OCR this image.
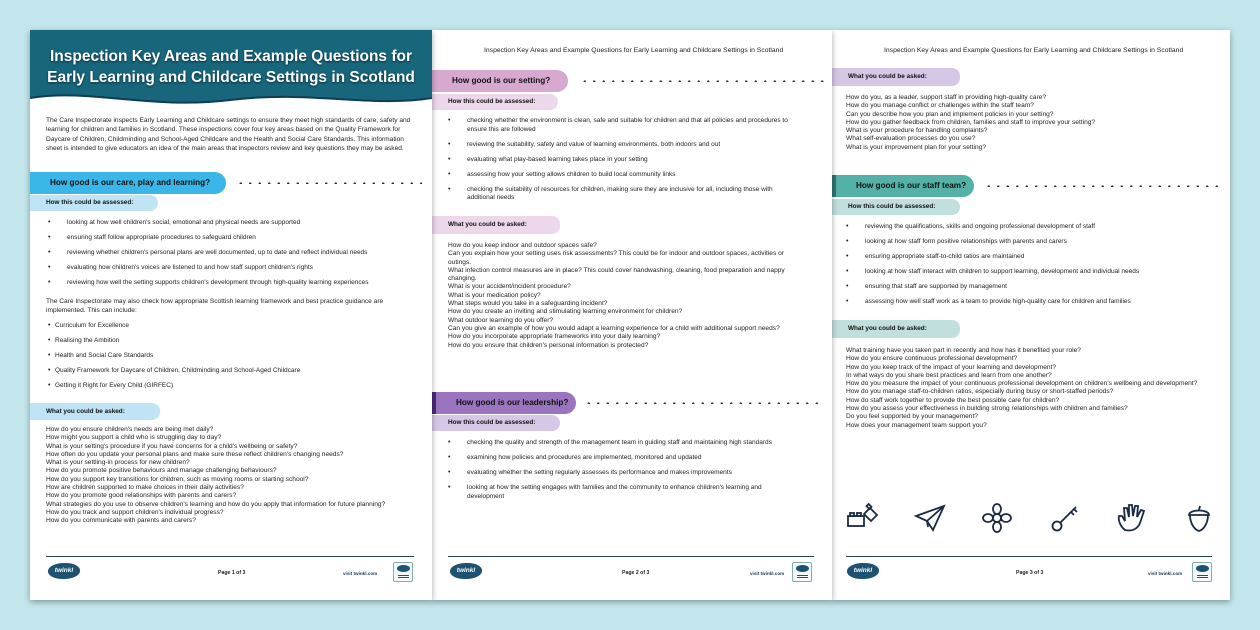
Inspection Key Areas and Example Questions for
Early Learning and Childcare Settings in Scotland
The Care Inspectorate inspects Early Learning and Childcare settings to ensure they meet high standards of care, safety and learning for children and families in Scotland. These inspections cover four key areas based on the Quality Framework for Daycare of Children, Childminding and School-Aged Childcare and the Health and Social Care Standards. This information sheet is intended to give educators an idea of the main areas that inspectors review and key questions they may be asked.
How good is our care, play and learning?
How this could be assessed:
• looking at how well children's social, emotional and physical needs are supported
• ensuring staff follow appropriate procedures to safeguard children
• reviewing whether children's personal plans are well documented, up to date and reflect individual needs
• evaluating how children's voices are listened to and how staff support children's rights
• reviewing how well the setting supports children's development through high-quality learning experiences
The Care Inspectorate may also check how appropriate Scottish learning framework and best practice guidance are implemented. This can include:
• Curriculum for Excellence
• Realising the Ambition
• Health and Social Care Standards
• Quality Framework for Daycare of Children, Childminding and School-Aged Childcare
• Getting it Right for Every Child (GIRFEC)
What you could be asked:
How do you ensure children's needs are being met daily?
How might you support a child who is struggling day to day?
What is your setting's procedure if you have concerns for a child's wellbeing or safety?
How often do you update your personal plans and make sure these reflect children's changing needs?
What is your settling-in process for new children?
How do you promote positive behaviours and manage challenging behaviours?
How do you support key transitions for children, such as moving rooms or starting school?
How are children supported to make choices in their daily activities?
How do you promote good relationships with parents and carers?
What strategies do you use to observe children's learning and how do you apply that information for future planning?
How do you track and support children's individual progress?
How do you communicate with parents and carers?
twinkl	Page 1 of 3	visit twinkl.com
Inspection Key Areas and Example Questions for Early Learning and Childcare Settings in Scotland
How good is our setting?
How this could be assessed:
• checking whether the environment is clean, safe and suitable for children and that all policies and procedures to ensure this are followed
• reviewing the suitability, safety and value of learning environments, both indoors and out
• evaluating what play-based learning takes place in your setting
• assessing how your setting allows children to build local community links
• checking the suitability of resources for children, making sure they are inclusive for all, including those with additional needs
What you could be asked:
How do you keep indoor and outdoor spaces safe?
Can you explain how your setting uses risk assessments? This could be for indoor and outdoor spaces, activities or outings.
What infection control measures are in place? This could cover handwashing, cleaning, food preparation and nappy changing.
What is your accident/incident procedure?
What is your medication policy?
What steps would you take in a safeguarding incident?
How do you create an inviting and stimulating learning environment for children?
What outdoor learning do you offer?
Can you give an example of how you would adapt a learning experience for a child with additional support needs?
How do you incorporate appropriate frameworks into your daily learning?
How do you ensure that children's personal information is protected?
How good is our leadership?
How this could be assessed:
• checking the quality and strength of the management team in guiding staff and maintaining high standards
• examining how policies and procedures are implemented, monitored and updated
• evaluating whether the setting regularly assesses its performance and makes improvements
• looking at how the setting engages with families and the community to enhance children's learning and development
twinkl	Page 2 of 3	visit twinkl.com
Inspection Key Areas and Example Questions for Early Learning and Childcare Settings in Scotland
What you could be asked:
How do you, as a leader, support staff in providing high-quality care?
How do you manage conflict or challenges within the staff team?
Can you describe how you plan and implement policies in your setting?
How do you gather feedback from children, families and staff to improve your setting?
What is your procedure for handling complaints?
What self-evaluation processes do you use?
What is your improvement plan for your setting?
How good is our staff team?
How this could be assessed:
• reviewing the qualifications, skills and ongoing professional development of staff
• looking at how staff form positive relationships with parents and carers
• ensuring appropriate staff-to-child ratios are maintained
• looking at how staff interact with children to support learning, development and individual needs
• ensuring that staff are supported by management
• assessing how well staff work as a team to provide high-quality care for children and families
What you could be asked:
What training have you taken part in recently and how has it benefited your role?
How do you ensure continuous professional development?
How do you keep track of the impact of your learning and development?
In what ways do you share best practices and learn from one another?
How do you measure the impact of your continuous professional development on children's wellbeing and development?
How do you manage staff-to-children ratios, especially during busy or short-staffed periods?
How do staff work together to provide the best possible care for children?
How do you assess your effectiveness in building strong relationships with children and families?
Do you feel supported by your management?
How does your management team support you?
twinkl	Page 3 of 3	visit twinkl.com
